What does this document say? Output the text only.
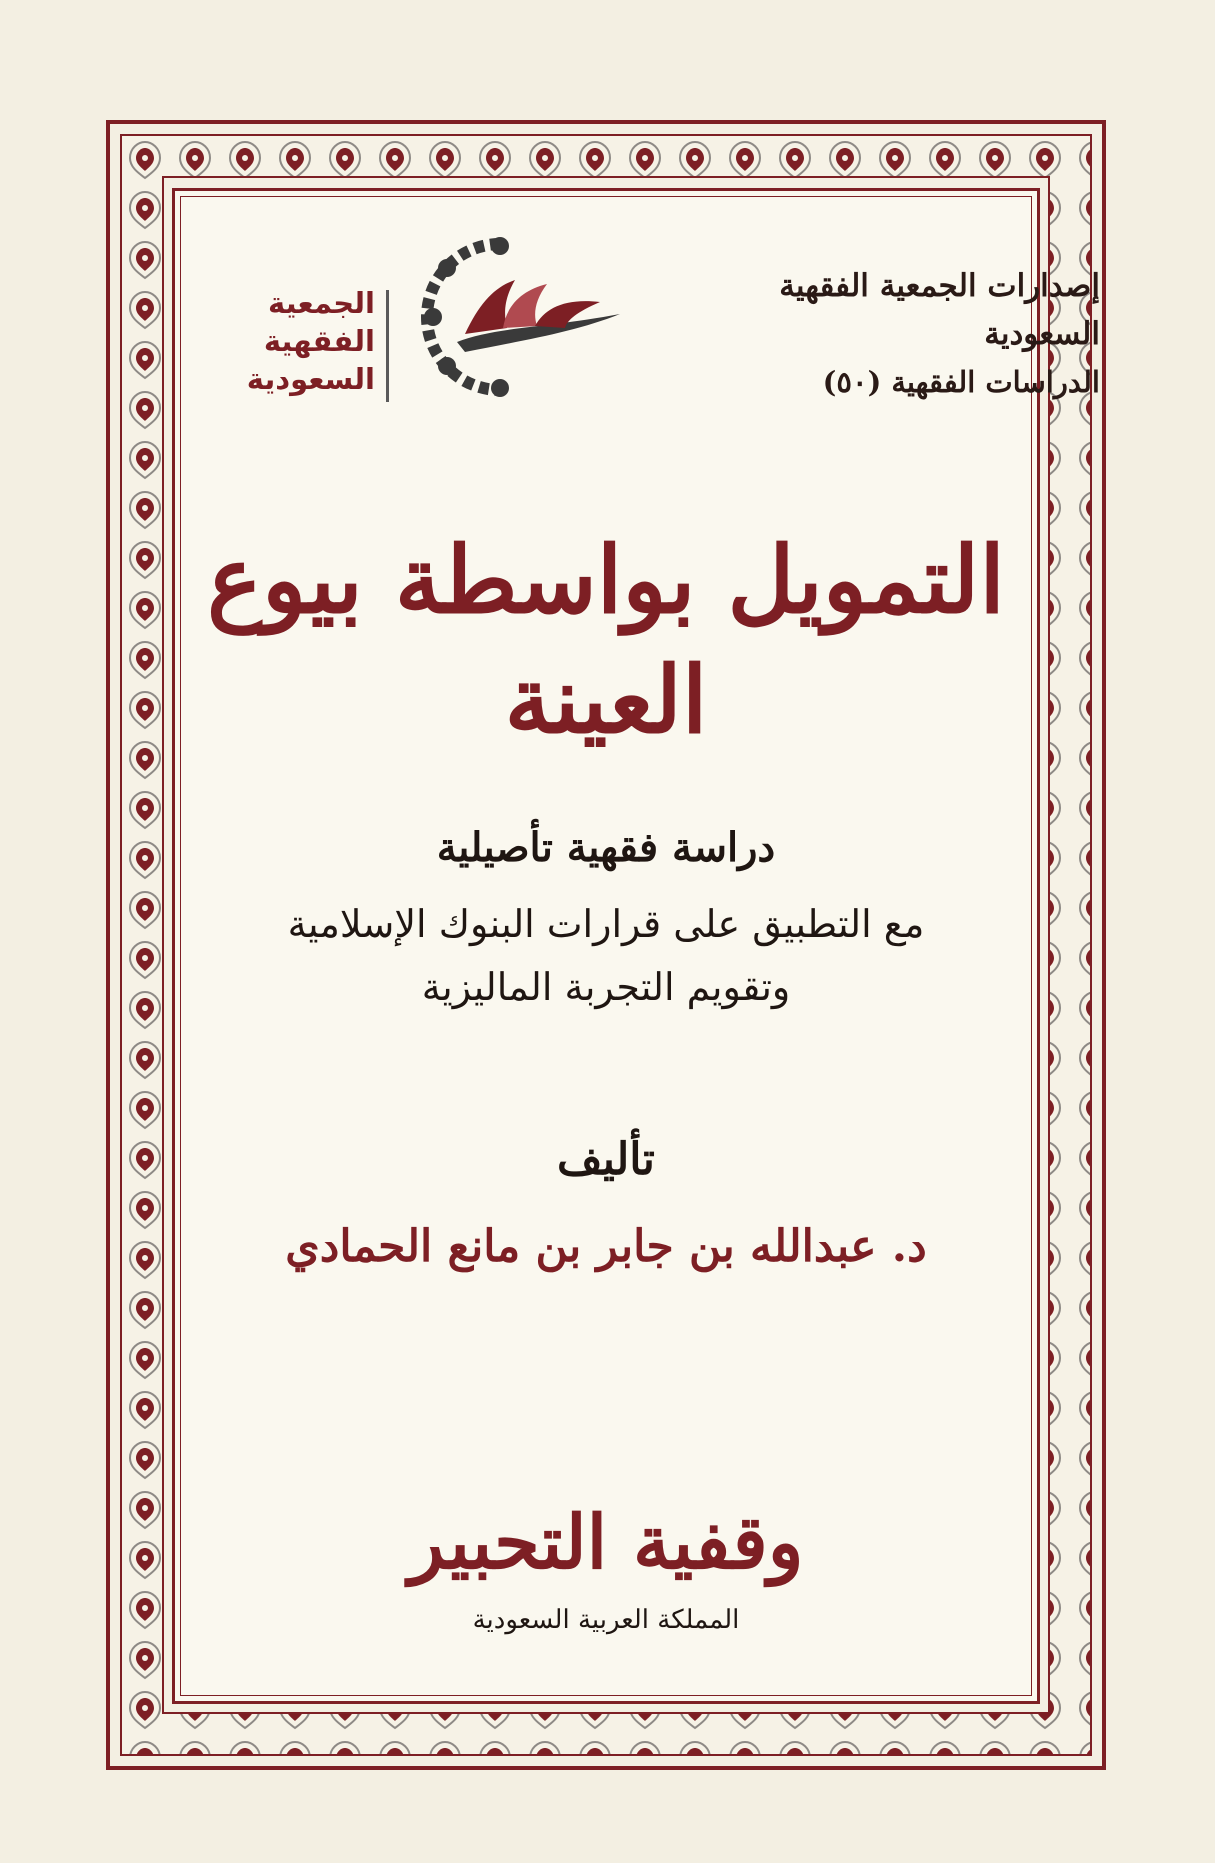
إصدارات الجمعية الفقهية السعودية
الدراسات الفقهية (٥٠)
الجمعية
الفقهية
السعودية
التمويل بواسطة بيوع العينة
دراسة فقهية تأصيلية
مع التطبيق على قرارات البنوك الإسلامية
وتقويم التجربة الماليزية
تأليف
د. عبدالله بن جابر بن مانع الحمادي
وقفية التحبير
المملكة العربية السعودية
